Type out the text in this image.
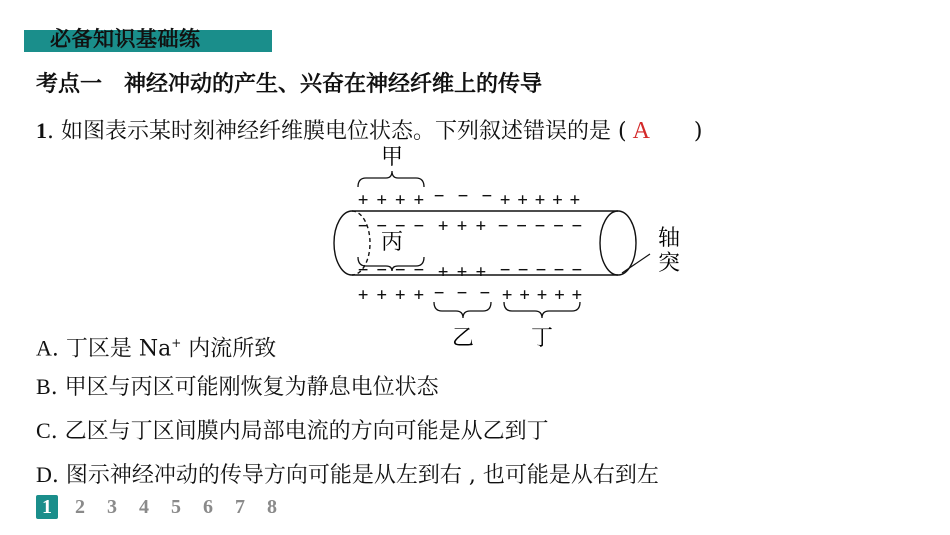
必备知识基础练
考点一 神经冲动的产生、兴奋在神经纤维上的传导
1. 如图表示某时刻神经纤维膜电位状态。下列叙述错误的是 ( A )
甲
丙
乙	丁
轴
突
++++ −−− +++++
−−−− +++ −−−−−
−−−− +++ −−−−−
++++ −−− +++++
A. 丁区是 Na+ 内流所致
B. 甲区与丙区可能刚恢复为静息电位状态
C. 乙区与丁区间膜内局部电流的方向可能是从乙到丁
D. 图示神经冲动的传导方向可能是从左到右 , 也可能是从右到左
1	2	3	4	5	6	7	8
